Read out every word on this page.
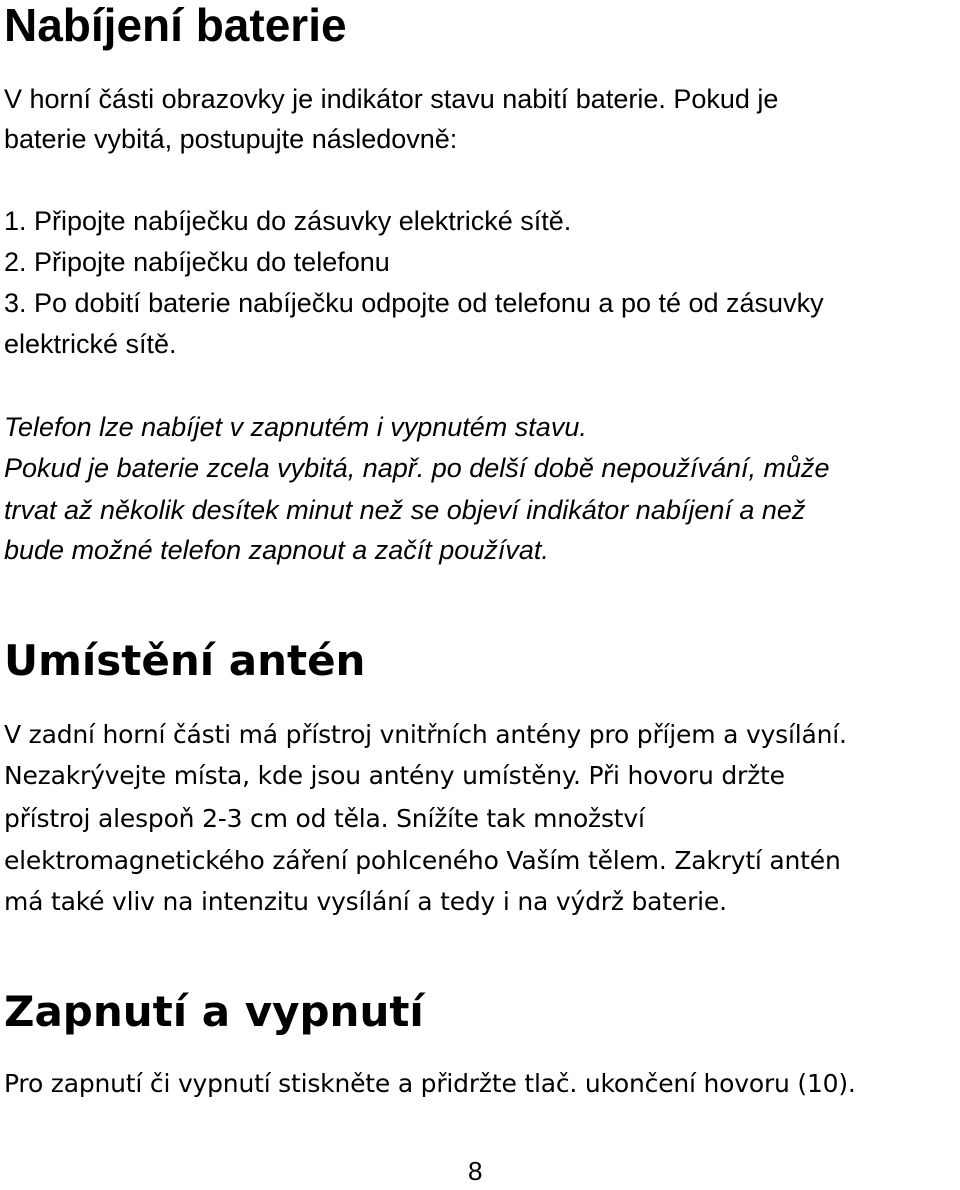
Nabíjení baterie

V horní části obrazovky je indikátor stavu nabití baterie. Pokud je

baterie vybitá, postupujte následovně:

1. Připojte nabíječku do zásuvky elektrické sítě.

2. Připojte nabíječku do telefonu

3. Po dobití baterie nabíječku odpojte od telefonu a po té od zásuvky

elektrické sítě.

Telefon lze nabíjet v zapnutém i vypnutém stavu.

Pokud je baterie zcela vybitá, např. po delší době nepoužívání, může

trvat až několik desítek minut než se objeví indikátor nabíjení a než

bude možné telefon zapnout a začít používat.

Umístění antén

V zadní horní části má přístroj vnitřních antény pro příjem a vysílání.

Nezakrývejte místa, kde jsou antény umístěny. Při hovoru držte

přístroj alespoň 2-3 cm od těla. Snížíte tak množství

elektromagnetického záření pohlceného Vaším tělem. Zakrytí antén

má také vliv na intenzitu vysílání a tedy i na výdrž baterie.

Zapnutí a vypnutí

Pro zapnutí či vypnutí stiskněte a přidržte tlač. ukončení hovoru (10).

8
